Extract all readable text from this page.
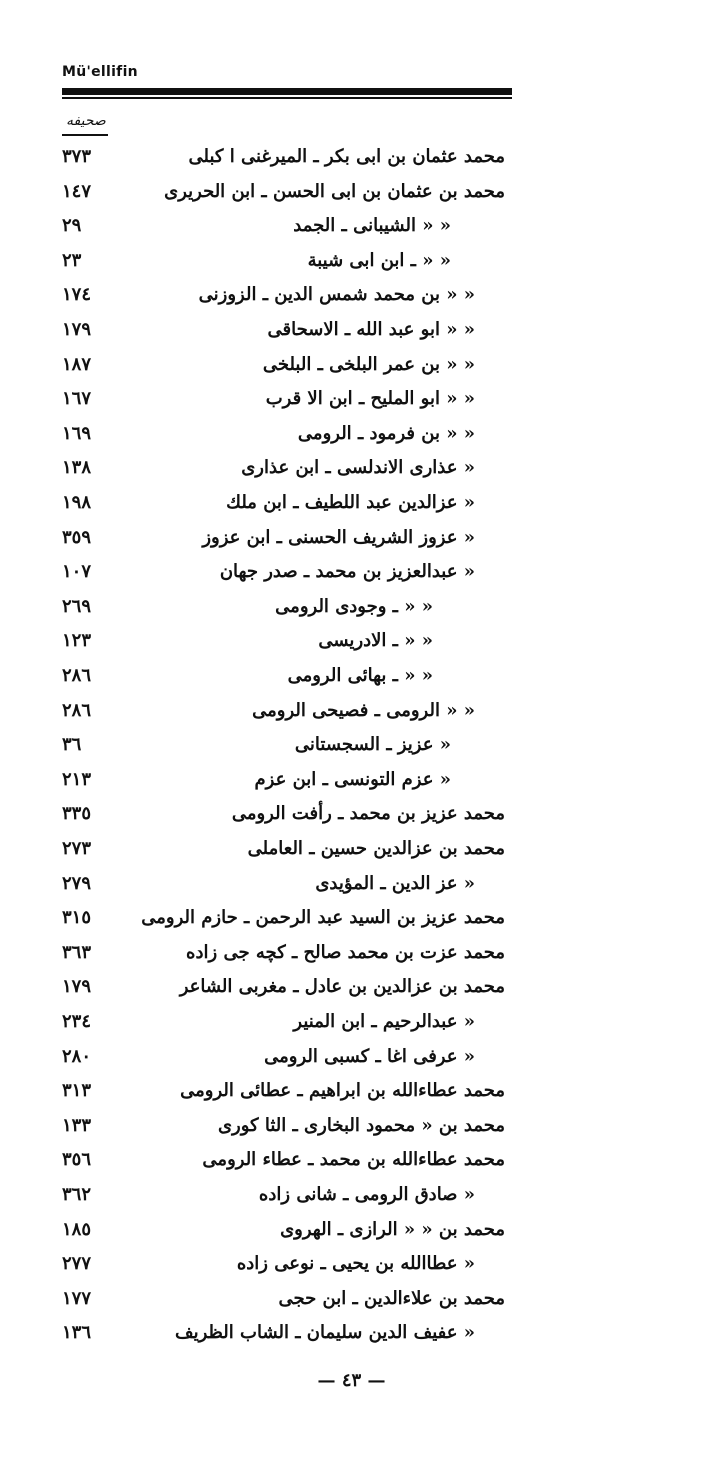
Mü'ellifin
صحيفه
٣٧٣	محمد عثمان بن ابى بكر ـ الميرغنى ا كبلى
١٤٧	محمد بن عثمان بن ابى الحسن ـ ابن الحريرى
٢٩	« « الشيبانى ـ الجمد
٢٣	« « ـ ابن ابى شيبة
١٧٤	« « بن محمد شمس الدين ـ الزوزنى
١٧٩	« « ابو عبد الله ـ الاسحاقى
١٨٧	« « بن عمر البلخى ـ البلخى
١٦٧	« « ابو المليح ـ ابن الا قرب
١٦٩	« « بن فرمود ـ الرومى
١٣٨	« عذارى الاندلسى ـ ابن عذارى
١٩٨	« عزالدين عبد اللطيف ـ ابن ملك
٣٥٩	« عزوز الشريف الحسنى ـ ابن عزوز
١٠٧	« عبدالعزيز بن محمد ـ صدر جهان
٢٦٩	« « ـ وجودى الرومى
١٢٣	« « ـ الادريسى
٢٨٦	« « ـ بهائى الرومى
٢٨٦	« « الرومى ـ فصيحى الرومى
٣٦	« عزيز ـ السجستانى
٢١٣	« عزم التونسى ـ ابن عزم
٣٣٥	محمد عزيز بن محمد ـ رأفت الرومى
٢٧٣	محمد بن عزالدين حسين ـ العاملى
٢٧٩	« عز الدين ـ المؤيدى
٣١٥	محمد عزيز بن السيد عبد الرحمن ـ حازم الرومى
٣٦٣	محمد عزت بن محمد صالح ـ كچه جى زاده
١٧٩	محمد بن عزالدين بن عادل ـ مغربى الشاعر
٢٣٤	« عبدالرحيم ـ ابن المنير
٢٨٠	« عرفى اغا ـ كسبى الرومى
٣١٣	محمد عطاءالله بن ابراهيم ـ عطائى الرومى
١٣٣	محمد بن « محمود البخارى ـ الثا كورى
٣٥٦	محمد عطاءالله بن محمد ـ عطاء الرومى
٣٦٢	« صادق الرومى ـ شانى زاده
١٨٥	محمد بن « « الرازى ـ الهروى
٢٧٧	« عطاالله بن يحيى ـ نوعى زاده
١٧٧	محمد بن علاءالدين ـ ابن حجى
١٣٦	« عفيف الدين سليمان ـ الشاب الظريف
— ٤٣ —
